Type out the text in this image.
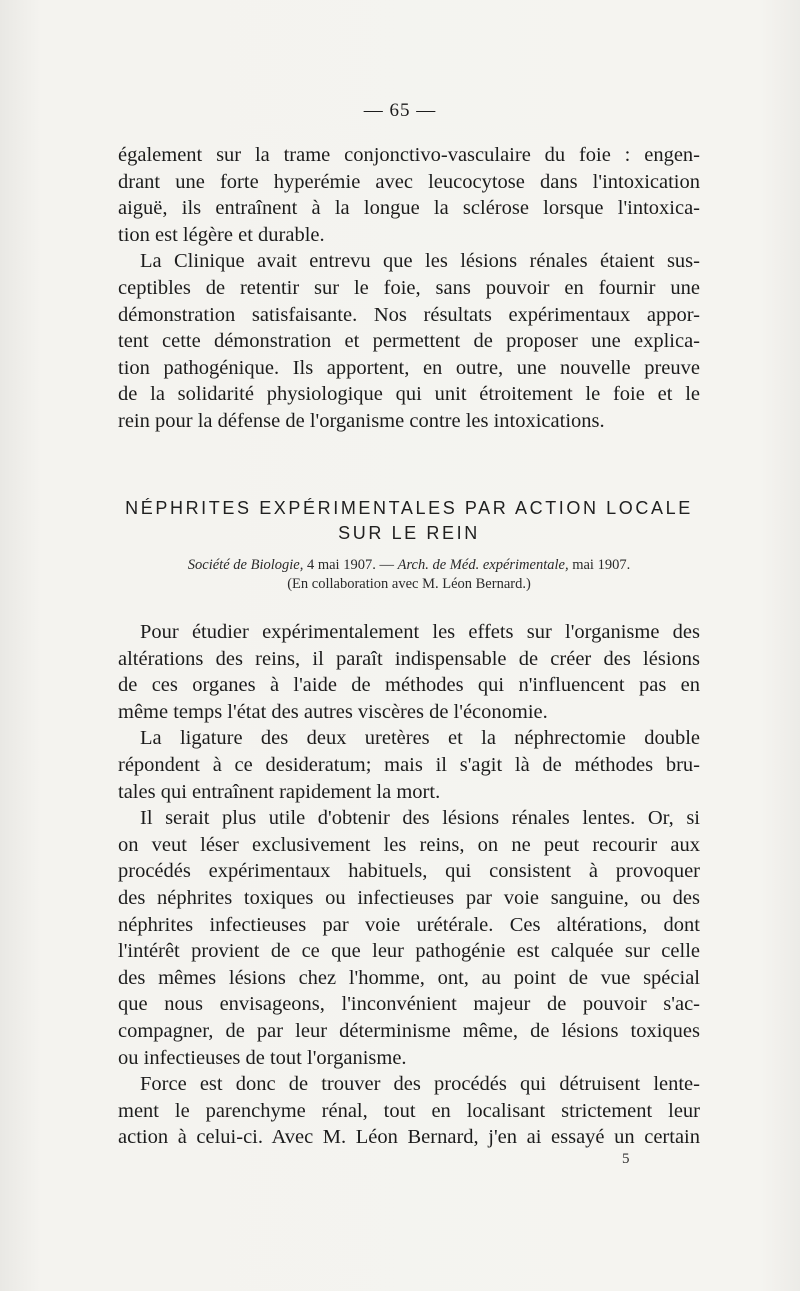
— 65 —

également sur la trame conjonctivo-vasculaire du foie : engen-

drant une forte hyperémie avec leucocytose dans l'intoxication

aiguë, ils entraînent à la longue la sclérose lorsque l'intoxica-

tion est légère et durable.

La Clinique avait entrevu que les lésions rénales étaient sus-

ceptibles de retentir sur le foie, sans pouvoir en fournir une

démonstration satisfaisante. Nos résultats expérimentaux appor-

tent cette démonstration et permettent de proposer une explica-

tion pathogénique. Ils apportent, en outre, une nouvelle preuve

de la solidarité physiologique qui unit étroitement le foie et le

rein pour la défense de l'organisme contre les intoxications.

NÉPHRITES EXPÉRIMENTALES PAR ACTION LOCALE
SUR LE REIN
Société de Biologie, 4 mai 1907. — Arch. de Méd. expérimentale, mai 1907.
(En collaboration avec M. Léon Bernard.)

Pour étudier expérimentalement les effets sur l'organisme des

altérations des reins, il paraît indispensable de créer des lésions

de ces organes à l'aide de méthodes qui n'influencent pas en

même temps l'état des autres viscères de l'économie.

La ligature des deux uretères et la néphrectomie double

répondent à ce desideratum; mais il s'agit là de méthodes bru-

tales qui entraînent rapidement la mort.

Il serait plus utile d'obtenir des lésions rénales lentes. Or, si

on veut léser exclusivement les reins, on ne peut recourir aux

procédés expérimentaux habituels, qui consistent à provoquer

des néphrites toxiques ou infectieuses par voie sanguine, ou des

néphrites infectieuses par voie urétérale. Ces altérations, dont

l'intérêt provient de ce que leur pathogénie est calquée sur celle

des mêmes lésions chez l'homme, ont, au point de vue spécial

que nous envisageons, l'inconvénient majeur de pouvoir s'ac-

compagner, de par leur déterminisme même, de lésions toxiques

ou infectieuses de tout l'organisme.

Force est donc de trouver des procédés qui détruisent lente-

ment le parenchyme rénal, tout en localisant strictement leur

action à celui-ci. Avec M. Léon Bernard, j'en ai essayé un certain

5
